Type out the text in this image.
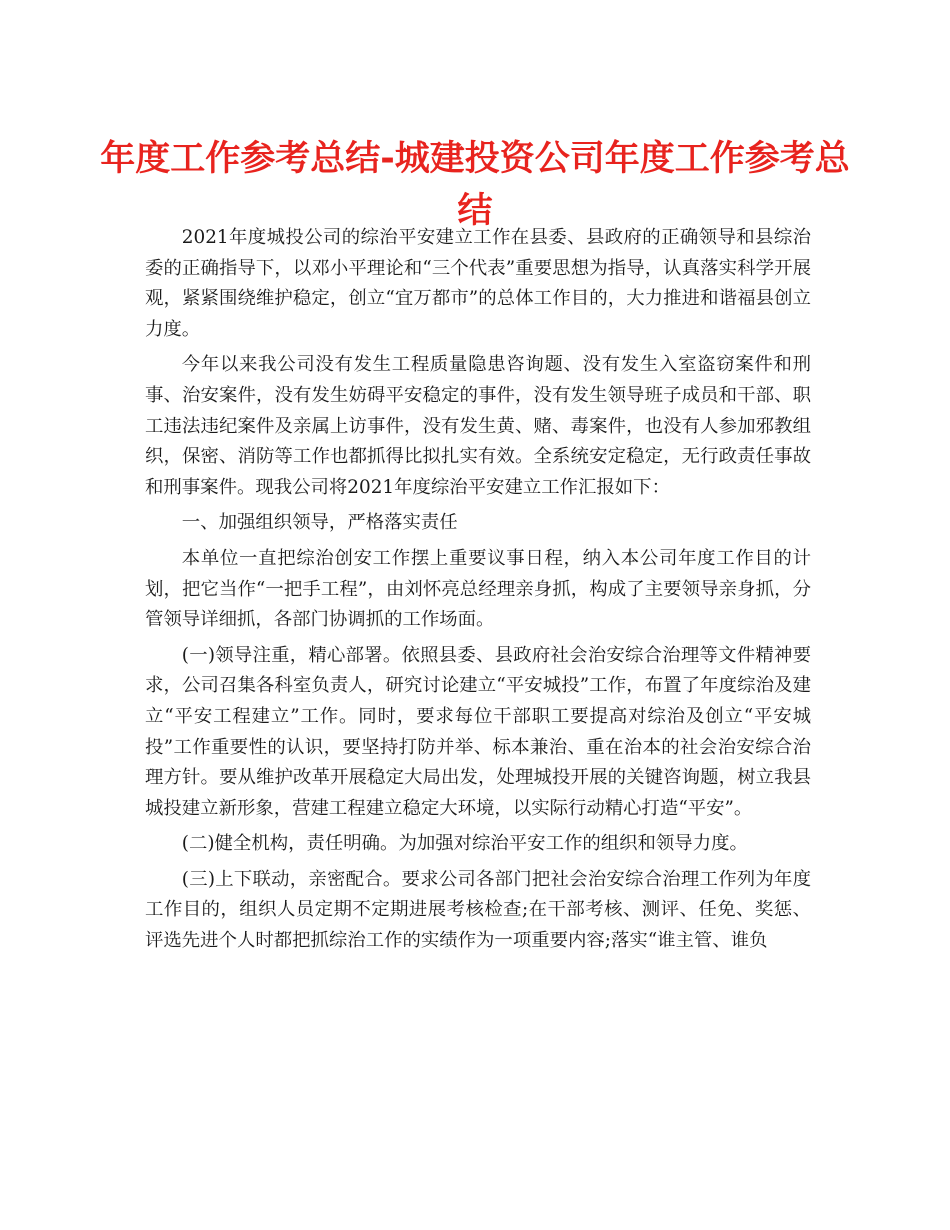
年度工作参考总结-城建投资公司年度工作参考总结

2021年度城投公司的综治平安建立工作在县委、县政府的正确领导和县综治委的正确指导下，以邓小平理论和“三个代表”重要思想为指导，认真落实科学开展观，紧紧围绕维护稳定，创立“宜万都市”的总体工作目的，大力推进和谐福县创立力度。

今年以来我公司没有发生工程质量隐患咨询题、没有发生入室盗窃案件和刑事、治安案件，没有发生妨碍平安稳定的事件，没有发生领导班子成员和干部、职工违法违纪案件及亲属上访事件，没有发生黄、赌、毒案件，也没有人参加邪教组织，保密、消防等工作也都抓得比拟扎实有效。全系统安定稳定，无行政责任事故和刑事案件。现我公司将2021年度综治平安建立工作汇报如下：

一、加强组织领导，严格落实责任

本单位一直把综治创安工作摆上重要议事日程，纳入本公司年度工作目的计划，把它当作“一把手工程”，由刘怀亮总经理亲身抓，构成了主要领导亲身抓，分管领导详细抓，各部门协调抓的工作场面。

(一)领导注重，精心部署。依照县委、县政府社会治安综合治理等文件精神要求，公司召集各科室负责人，研究讨论建立“平安城投”工作，布置了年度综治及建立“平安工程建立”工作。同时，要求每位干部职工要提高对综治及创立“平安城投”工作重要性的认识，要坚持打防并举、标本兼治、重在治本的社会治安综合治理方针。要从维护改革开展稳定大局出发，处理城投开展的关键咨询题，树立我县城投建立新形象，营建工程建立稳定大环境，以实际行动精心打造“平安”。

(二)健全机构，责任明确。为加强对综治平安工作的组织和领导力度。

(三)上下联动，亲密配合。要求公司各部门把社会治安综合治理工作列为年度工作目的，组织人员定期不定期进展考核检查;在干部考核、测评、任免、奖惩、评选先进个人时都把抓综治工作的实绩作为一项重要内容;落实“谁主管、谁负
